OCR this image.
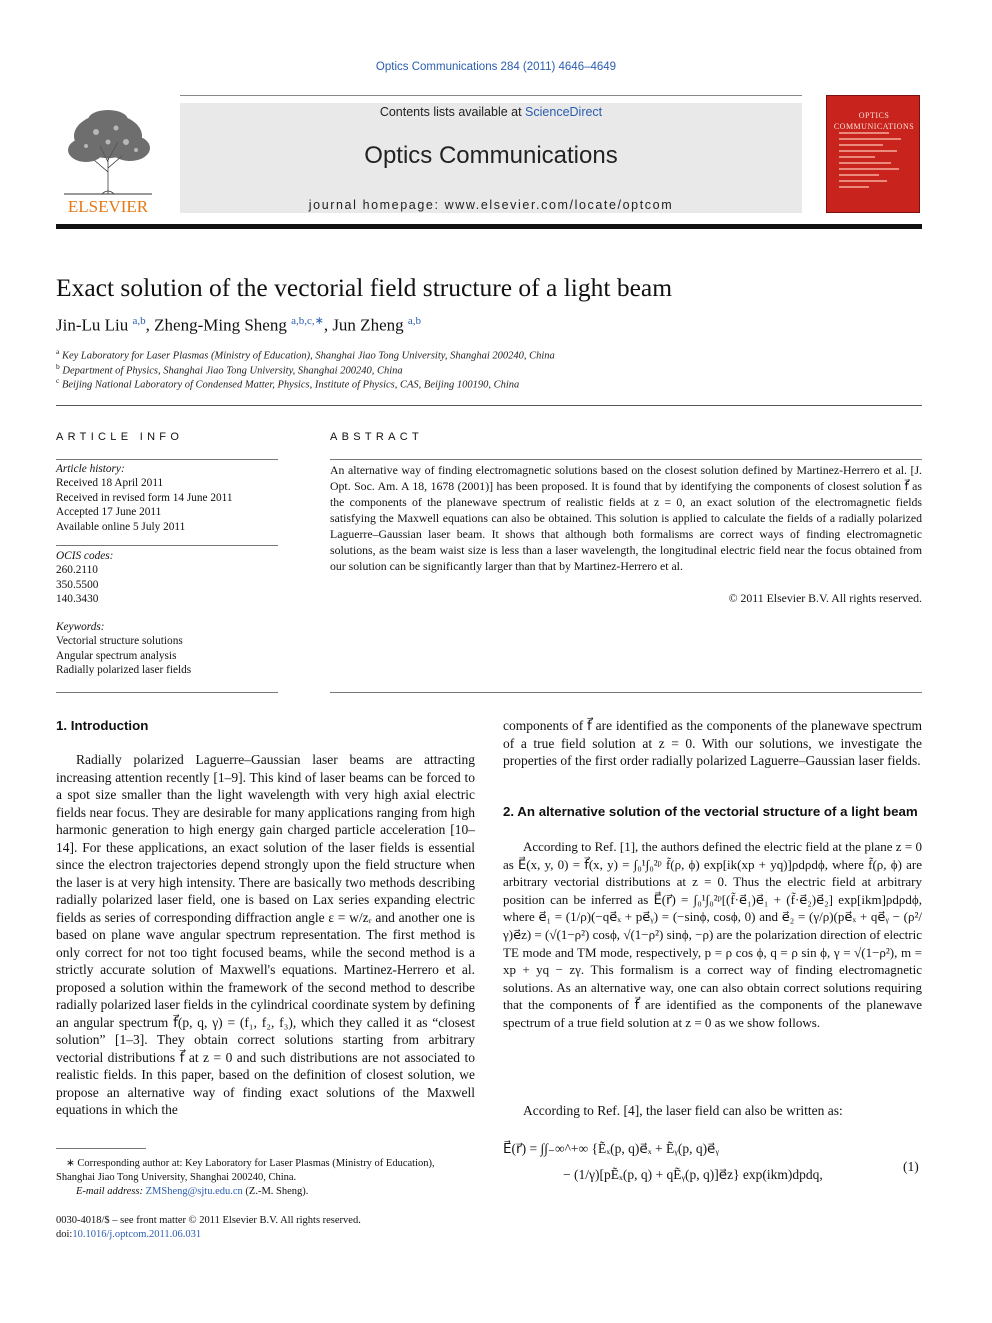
Optics Communications 284 (2011) 4646–4649
ELSEVIER
Contents lists available at ScienceDirect
Optics Communications
journal homepage: www.elsevier.com/locate/optcom
OPTICS
COMMUNICATIONS
Exact solution of the vectorial field structure of a light beam
Jin-Lu Liu $^{a,b}$, Zheng-Ming Sheng $^{a,b,c,∗}$, Jun Zheng $^{a,b}$
$^a$ Key Laboratory for Laser Plasmas (Ministry of Education), Shanghai Jiao Tong University, Shanghai 200240, China
$^b$ Department of Physics, Shanghai Jiao Tong University, Shanghai 200240, China
$^c$ Beijing National Laboratory of Condensed Matter, Physics, Institute of Physics, CAS, Beijing 100190, China
ARTICLE INFO	ABSTRACT
Article history:
Received 18 April 2011
Received in revised form 14 June 2011
Accepted 17 June 2011
Available online 5 July 2011
OCIS codes:
260.2110
350.5500
140.3430
Keywords:
Vectorial structure solutions
Angular spectrum analysis
Radially polarized laser fields
An alternative way of finding electromagnetic solutions based on the closest solution defined by Martinez-Herrero et al. [J. Opt. Soc. Am. A 18, 1678 (2001)] has been proposed. It is found that by identifying the components of closest solution f⃗ as the components of the planewave spectrum of realistic fields at z = 0, an exact solution of the electromagnetic fields satisfying the Maxwell equations can also be obtained. This solution is applied to calculate the fields of a radially polarized Laguerre–Gaussian laser beam. It shows that although both formalisms are correct ways of finding electromagnetic solutions, as the beam waist size is less than a laser wavelength, the longitudinal electric field near the focus obtained from our solution can be significantly larger than that by Martinez-Herrero et al.
© 2011 Elsevier B.V. All rights reserved.
1. Introduction
Radially polarized Laguerre–Gaussian laser beams are attracting increasing attention recently [1–9]. This kind of laser beams can be forced to a spot size smaller than the light wavelength with very high axial electric fields near focus. They are desirable for many applications ranging from high harmonic generation to high energy gain charged particle acceleration [10–14]. For these applications, an exact solution of the laser fields is essential since the electron trajectories depend strongly upon the field structure when the laser is at very high intensity. There are basically two methods describing radially polarized laser field, one is based on Lax series expanding electric fields as series of corresponding diffraction angle ε = w/zᵣ and another one is based on plane wave angular spectrum representation. The first method is only correct for not too tight focused beams, while the second method is a strictly accurate solution of Maxwell's equations. Martinez-Herrero et al. proposed a solution within the framework of the second method to describe radially polarized laser fields in the cylindrical coordinate system by defining an angular spectrum f⃗(p, q, γ) = (f₁, f₂, f₃), which they called it as “closest solution” [1–3]. They obtain correct solutions starting from arbitrary vectorial distributions f⃗ at z = 0 and such distributions are not associated to realistic fields. In this paper, based on the definition of closest solution, we propose an alternative way of finding exact solutions of the Maxwell equations in which the
components of f⃗ are identified as the components of the planewave spectrum of a true field solution at z = 0. With our solutions, we investigate the properties of the first order radially polarized Laguerre–Gaussian laser fields.
2. An alternative solution of the vectorial structure of a light beam
According to Ref. [1], the authors defined the electric field at the plane z = 0 as E⃗(x, y, 0) = f⃗(x, y) = ∫₀¹∫₀²ᵖ f̃(ρ, ϕ) exp[ik(xp + yq)]ρdρdϕ, where f̃(ρ, ϕ) are arbitrary vectorial distributions at z = 0. Thus the electric field at arbitrary position can be inferred as E⃗(r⃗) = ∫₀¹∫₀²ᵖ[(f̃·e⃗₁)e⃗₁ + (f̃·e⃗₂)e⃗₂] exp[ikm]ρdρdϕ, where e⃗₁ = (1/ρ)(−qe⃗ₓ + pe⃗ᵧ) = (−sinϕ, cosϕ, 0) and e⃗₂ = (γ/ρ)(pe⃗ₓ + qe⃗ᵧ − (ρ²/γ)e⃗z) = (√(1−ρ²) cosϕ, √(1−ρ²) sinϕ, −ρ) are the polarization direction of electric TE mode and TM mode, respectively, p = ρ cos ϕ, q = ρ sin ϕ, γ = √(1−ρ²), m = xp + yq − zγ. This formalism is a correct way of finding electromagnetic solutions. As an alternative way, one can also obtain correct solutions requiring that the components of f⃗ are identified as the components of the planewave spectrum of a true field solution at z = 0 as we show follows.
According to Ref. [4], the laser field can also be written as:
E⃗(r⃗) = ∫∫₋∞^+∞ {Ẽₓ(p, q)e⃗ₓ + Ẽᵧ(p, q)e⃗ᵧ
− (1/γ)[pẼₓ(p, q) + qẼᵧ(p, q)]e⃗z} exp(ikm)dpdq,
(1)
∗ Corresponding author at: Key Laboratory for Laser Plasmas (Ministry of Education), Shanghai Jiao Tong University, Shanghai 200240, China.
E-mail address: ZMSheng@sjtu.edu.cn (Z.-M. Sheng).
0030-4018/$ – see front matter © 2011 Elsevier B.V. All rights reserved.
doi:10.1016/j.optcom.2011.06.031
